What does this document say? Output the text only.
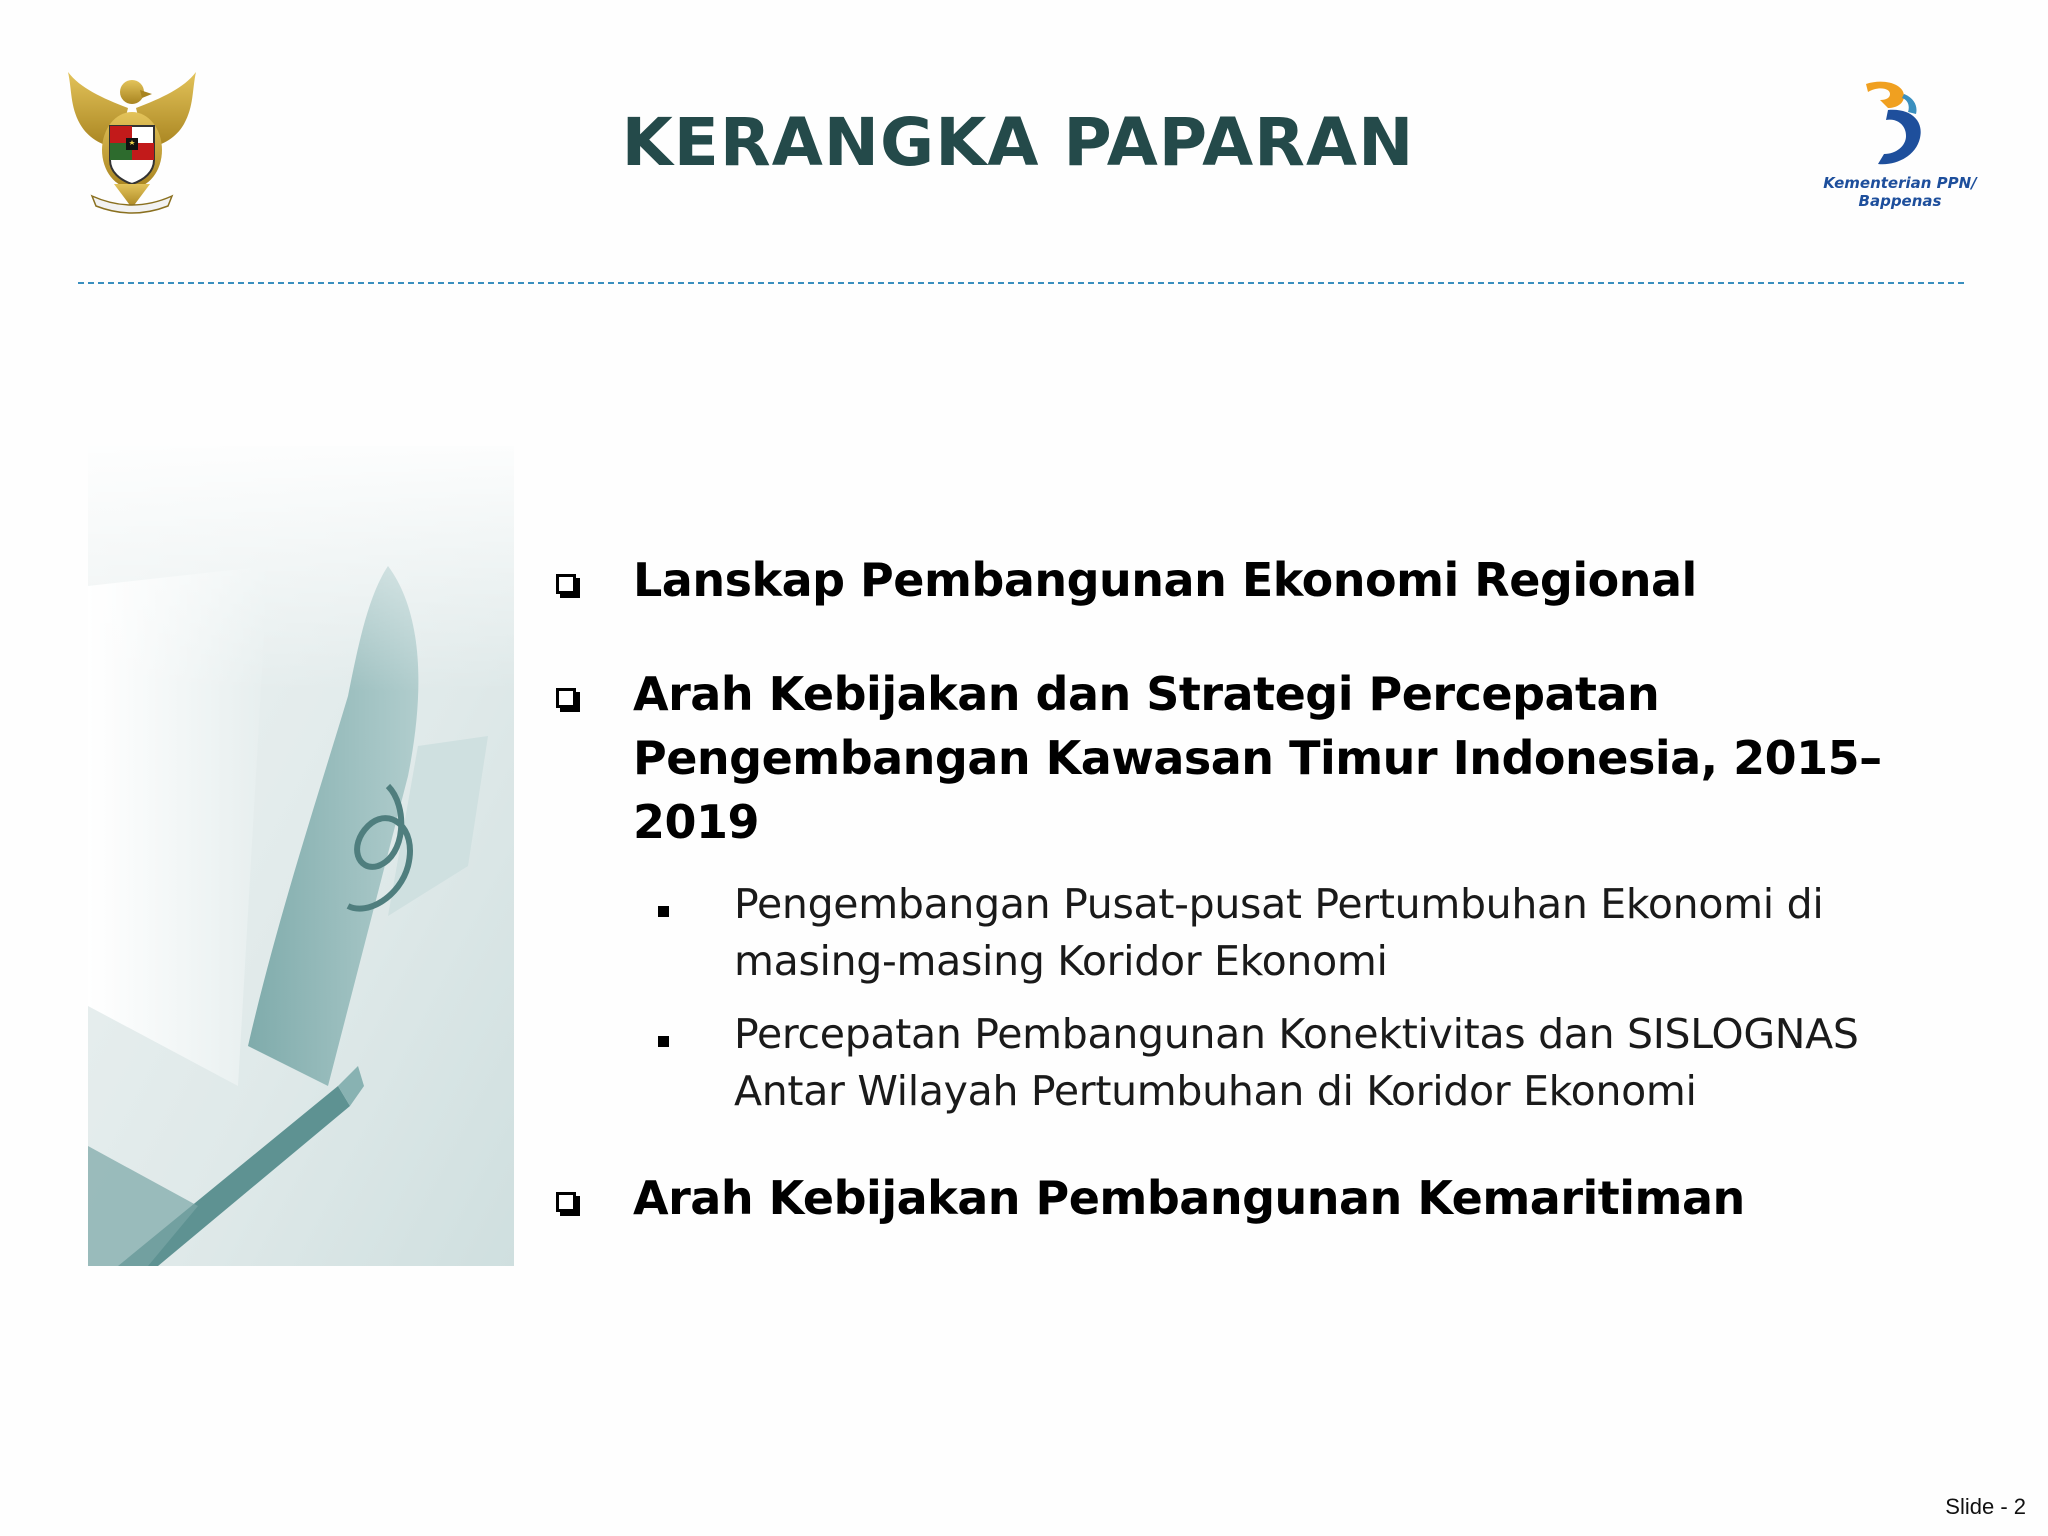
KERANGKA PAPARAN
Kementerian PPN/
Bappenas
Lanskap Pembangunan Ekonomi Regional
Arah Kebijakan dan Strategi Percepatan
Pengembangan Kawasan Timur Indonesia, 2015–2019
Pengembangan Pusat-pusat Pertumbuhan Ekonomi di
masing-masing Koridor Ekonomi
Percepatan Pembangunan Konektivitas dan SISLOGNAS
Antar Wilayah Pertumbuhan di Koridor Ekonomi
Arah Kebijakan Pembangunan Kemaritiman
Slide - 2
